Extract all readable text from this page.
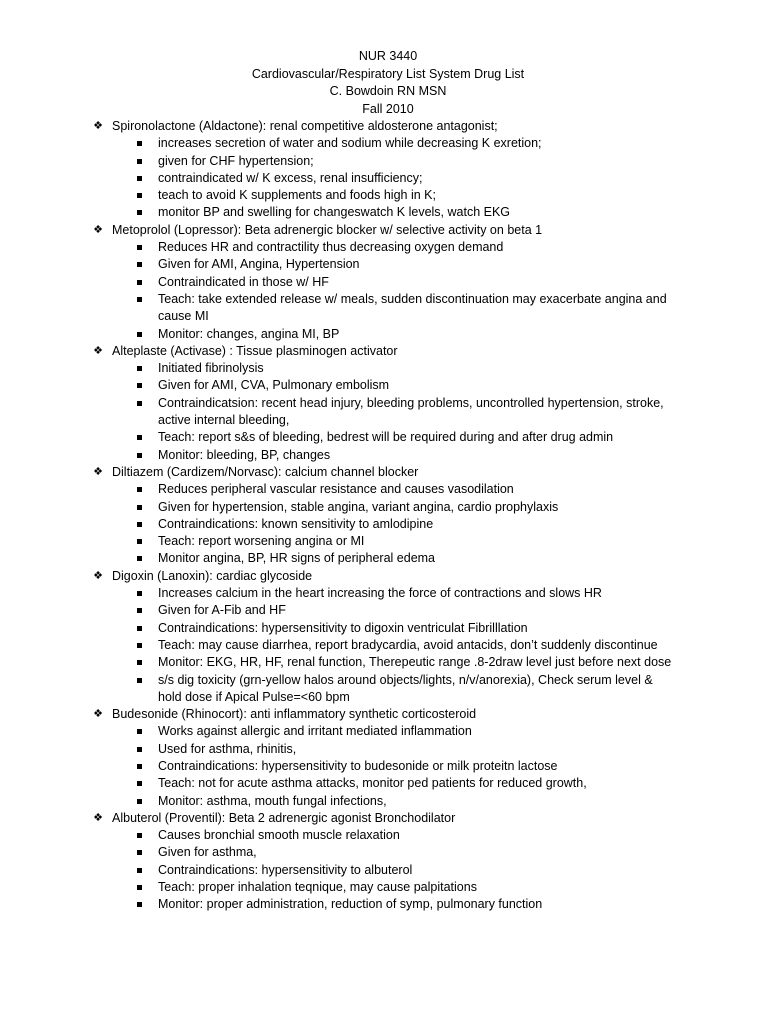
NUR 3440
Cardiovascular/Respiratory List System Drug List
C. Bowdoin RN MSN
Fall 2010
❖ Spironolactone (Aldactone): renal competitive aldosterone antagonist;
increases secretion of water and sodium while decreasing K exretion;
given for CHF hypertension;
contraindicated w/ K excess, renal insufficiency;
teach to avoid K supplements and foods high in K;
monitor BP and swelling for changeswatch K levels, watch EKG
❖ Metoprolol (Lopressor): Beta adrenergic blocker w/ selective activity on beta 1
Reduces HR and contractility thus decreasing oxygen demand
Given for AMI, Angina, Hypertension
Contraindicated in those w/ HF
Teach: take extended release w/ meals, sudden discontinuation may exacerbate angina and cause MI
Monitor: changes, angina MI, BP
❖ Alteplaste (Activase) : Tissue plasminogen activator
Initiated fibrinolysis
Given for AMI, CVA, Pulmonary embolism
Contraindicatsion: recent head injury, bleeding problems, uncontrolled hypertension, stroke, active internal bleeding,
Teach: report s&s of bleeding, bedrest will be required during and after drug admin
Monitor: bleeding, BP, changes
❖ Diltiazem (Cardizem/Norvasc): calcium channel blocker
Reduces peripheral vascular resistance and causes vasodilation
Given for hypertension, stable angina, variant angina, cardio prophylaxis
Contraindications: known sensitivity to amlodipine
Teach: report worsening angina or MI
Monitor angina, BP, HR signs of peripheral edema
❖ Digoxin (Lanoxin): cardiac glycoside
Increases calcium in the heart increasing the force of contractions and slows HR
Given for A-Fib and HF
Contraindications: hypersensitivity to digoxin ventriculat Fibrilllation
Teach: may cause diarrhea, report bradycardia, avoid antacids, don’t suddenly discontinue
Monitor: EKG, HR, HF, renal function, Therepeutic range .8-2draw level just before next dose
s/s dig toxicity (grn-yellow halos around objects/lights, n/v/anorexia), Check serum level & hold dose if Apical Pulse=<60 bpm
❖ Budesonide (Rhinocort): anti inflammatory synthetic corticosteroid
Works against allergic and irritant mediated inflammation
Used for asthma, rhinitis,
Contraindications: hypersensitivity to budesonide or milk proteitn lactose
Teach: not for acute asthma attacks, monitor ped patients for reduced growth,
Monitor: asthma, mouth fungal infections,
❖ Albuterol (Proventil): Beta 2 adrenergic agonist Bronchodilator
Causes bronchial smooth muscle relaxation
Given for asthma,
Contraindications: hypersensitivity to albuterol
Teach: proper inhalation teqnique, may cause palpitations
Monitor: proper administration, reduction of symp, pulmonary function
